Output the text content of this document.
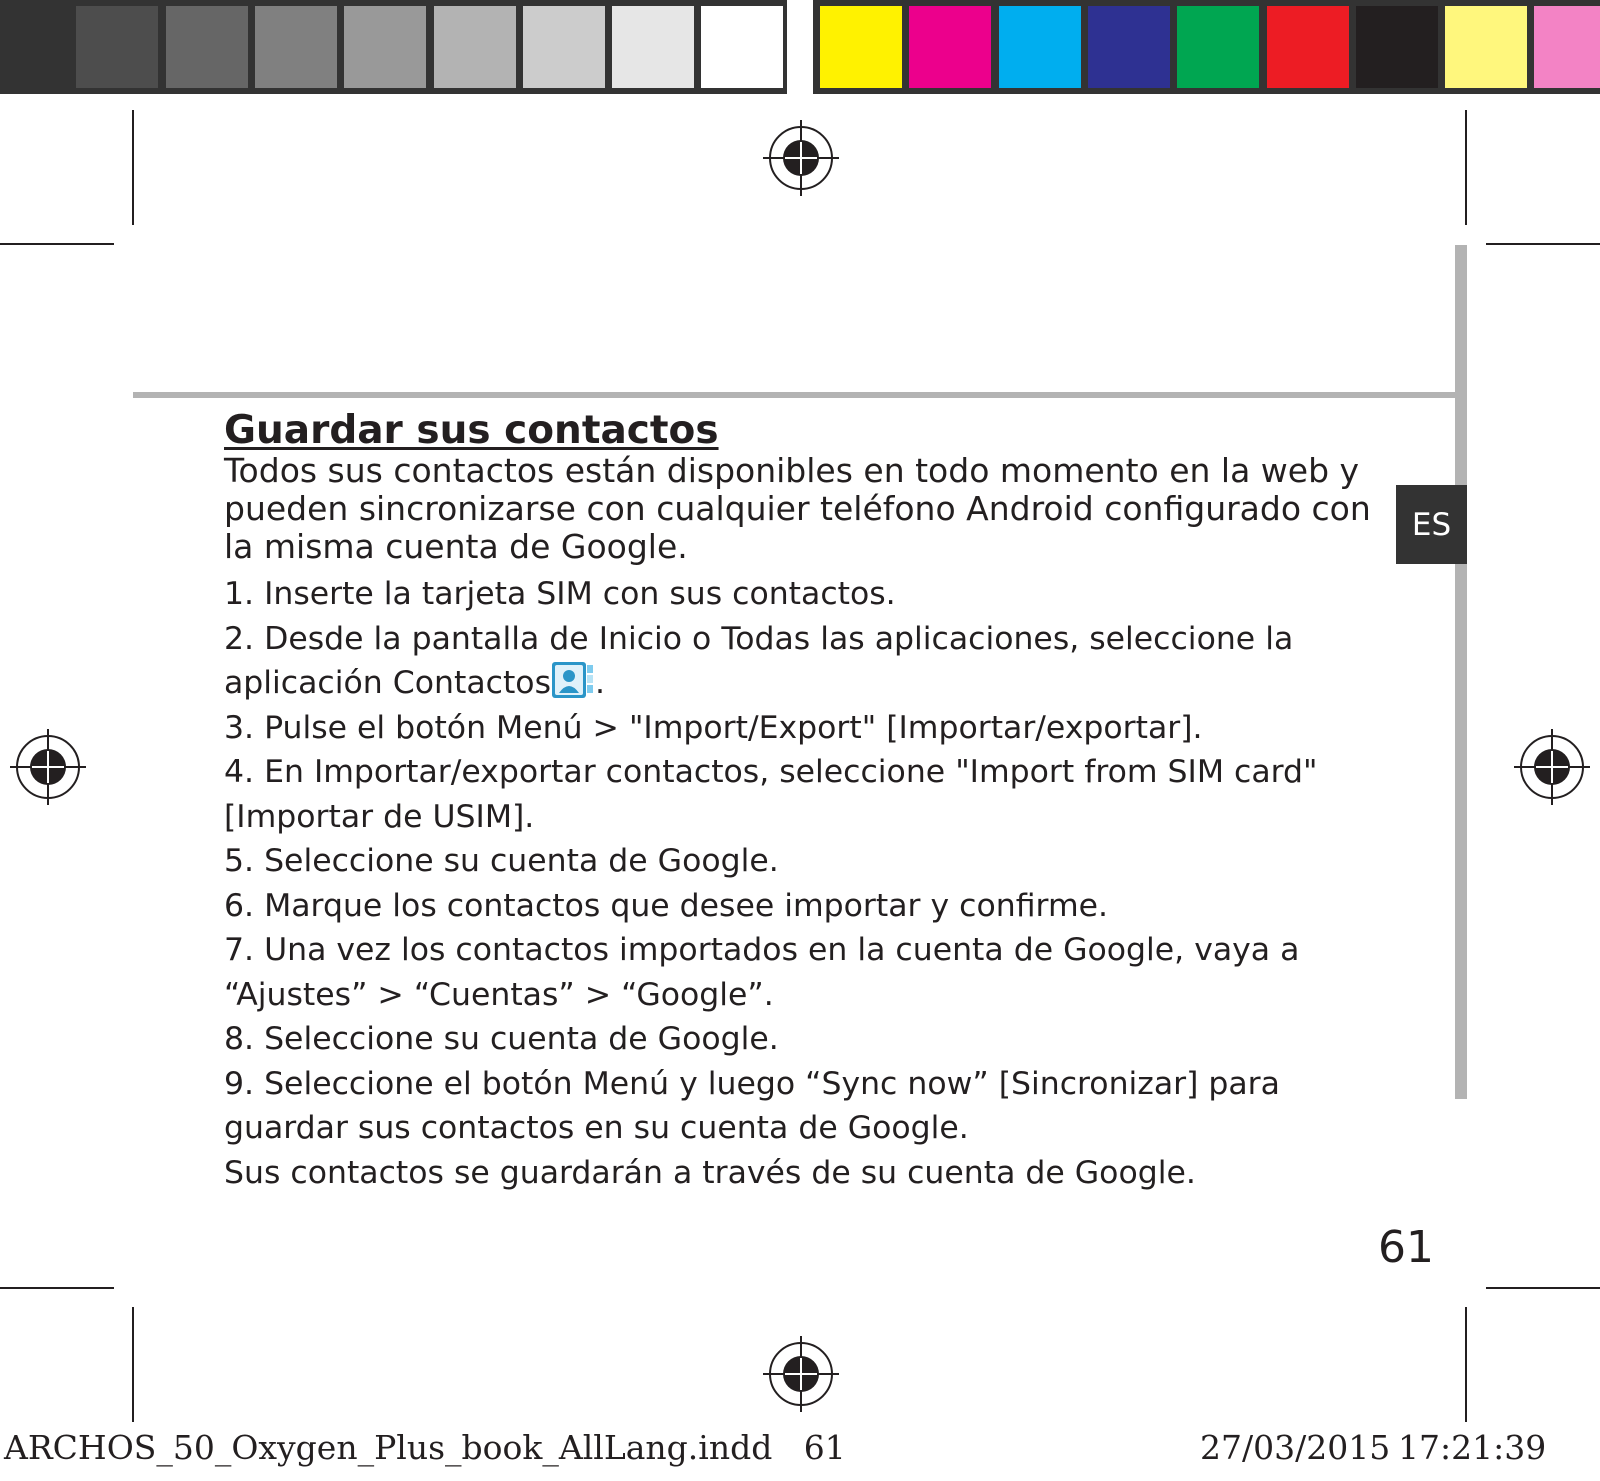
ES
Guardar sus contactos
Todos sus contactos están disponibles en todo momento en la web y pueden sincronizarse con cualquier teléfono Android configurado con la misma cuenta de Google.

1. Inserte la tarjeta SIM con sus contactos.

2. Desde la pantalla de Inicio o Todas las aplicaciones, seleccione la aplicación Contactos .

3. Pulse el botón Menú > "Import/Export" [Importar/exportar].

4. En Importar/exportar contactos, seleccione "Import from SIM card" [Importar de USIM].

5. Seleccione su cuenta de Google.

6. Marque los contactos que desee importar y confirme.

7. Una vez los contactos importados en la cuenta de Google, vaya a “Ajustes” > “Cuentas” > “Google”.

8. Seleccione su cuenta de Google.

9. Seleccione el botón Menú y luego “Sync now” [Sincronizar] para guardar sus contactos en su cuenta de Google.

Sus contactos se guardarán a través de su cuenta de Google.

61
ARCHOS_50_Oxygen_Plus_book_AllLang.indd   61	27/03/2015 17:21:39
